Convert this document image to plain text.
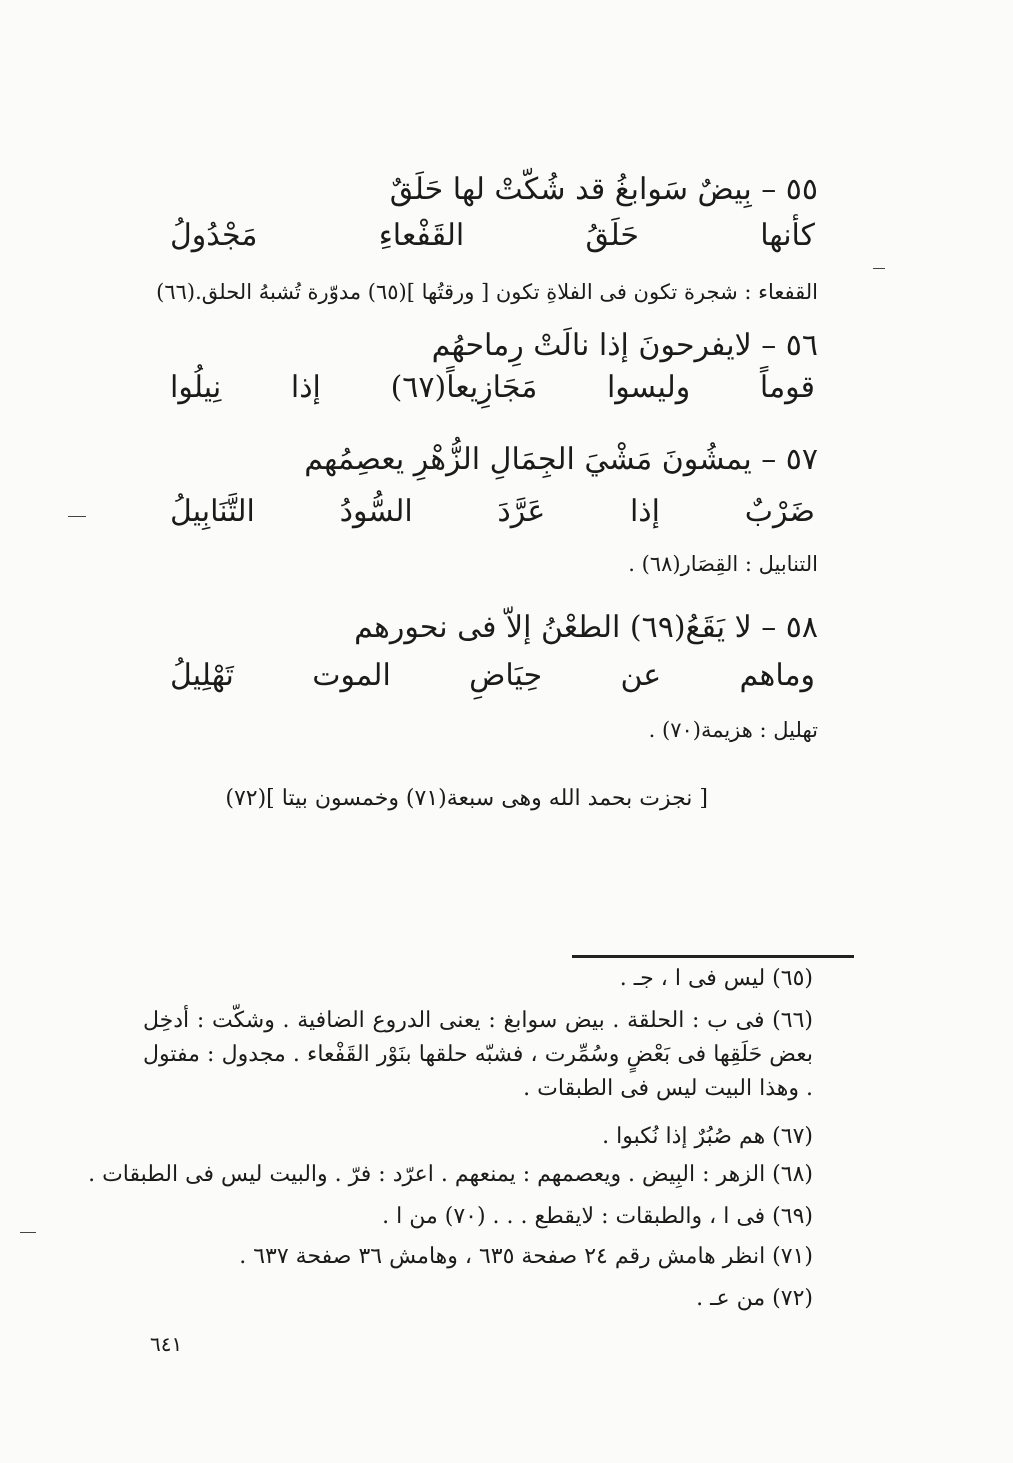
٥٥ – بِيضٌ سَوابغُ قد شُكّتْ لها حَلَقٌ
كأنها حَلَقُ القَفْعاءِ مَجْدُولُ
القفعاء : شجرة تكون فى الفلاةِ تكون [ ورقتُها ](٦٥) مدوّرة تُشبهُ الحلق.(٦٦)
٥٦ – لايفرحونَ إذا نالَتْ رِماحهُم
قوماً وليسوا مَجَازِيعاً(٦٧) إذا نِيلُوا
٥٧ – يمشُونَ مَشْيَ الجِمَالِ الزُّهْرِ يعصِمُهم
ضَرْبٌ إذا عَرَّدَ السُّودُ التَّنَابِيلُ
التنابيل : القِصَار(٦٨) .
٥٨ – لا يَقَعُ(٦٩) الطعْنُ إلاّ فى نحورهم
وماهم عن حِيَاضِ الموت تَهْلِيلُ
تهليل : هزيمة(٧٠) .
[ نجزت بحمد الله وهى سبعة(٧١) وخمسون بيتا ](٧٢)
(٦٥) ليس فى ا ، جـ .
(٦٦) فى ب : الحلقة . بيض سوابغ : يعنى الدروع الضافية . وشكّت : أدخِل بعض حَلَقِها فى بَعْضٍ وسُمِّرت ، فشبّه حلقها بنَوْر القَفْعاء . مجدول : مفتول . وهذا البيت ليس فى الطبقات .
(٦٧) هم صُبُرٌ إذا نُكبوا .
(٦٨) الزهر : البِيض . ويعصمهم : يمنعهم . اعرّد : فرّ . والبيت ليس فى الطبقات .
(٦٩) فى ا ، والطبقات : لايقطع . . . (٧٠) من ا .
(٧١) انظر هامش رقم ٢٤ صفحة ٦٣٥ ، وهامش ٣٦ صفحة ٦٣٧ .
(٧٢) من عـ .
٦٤١
